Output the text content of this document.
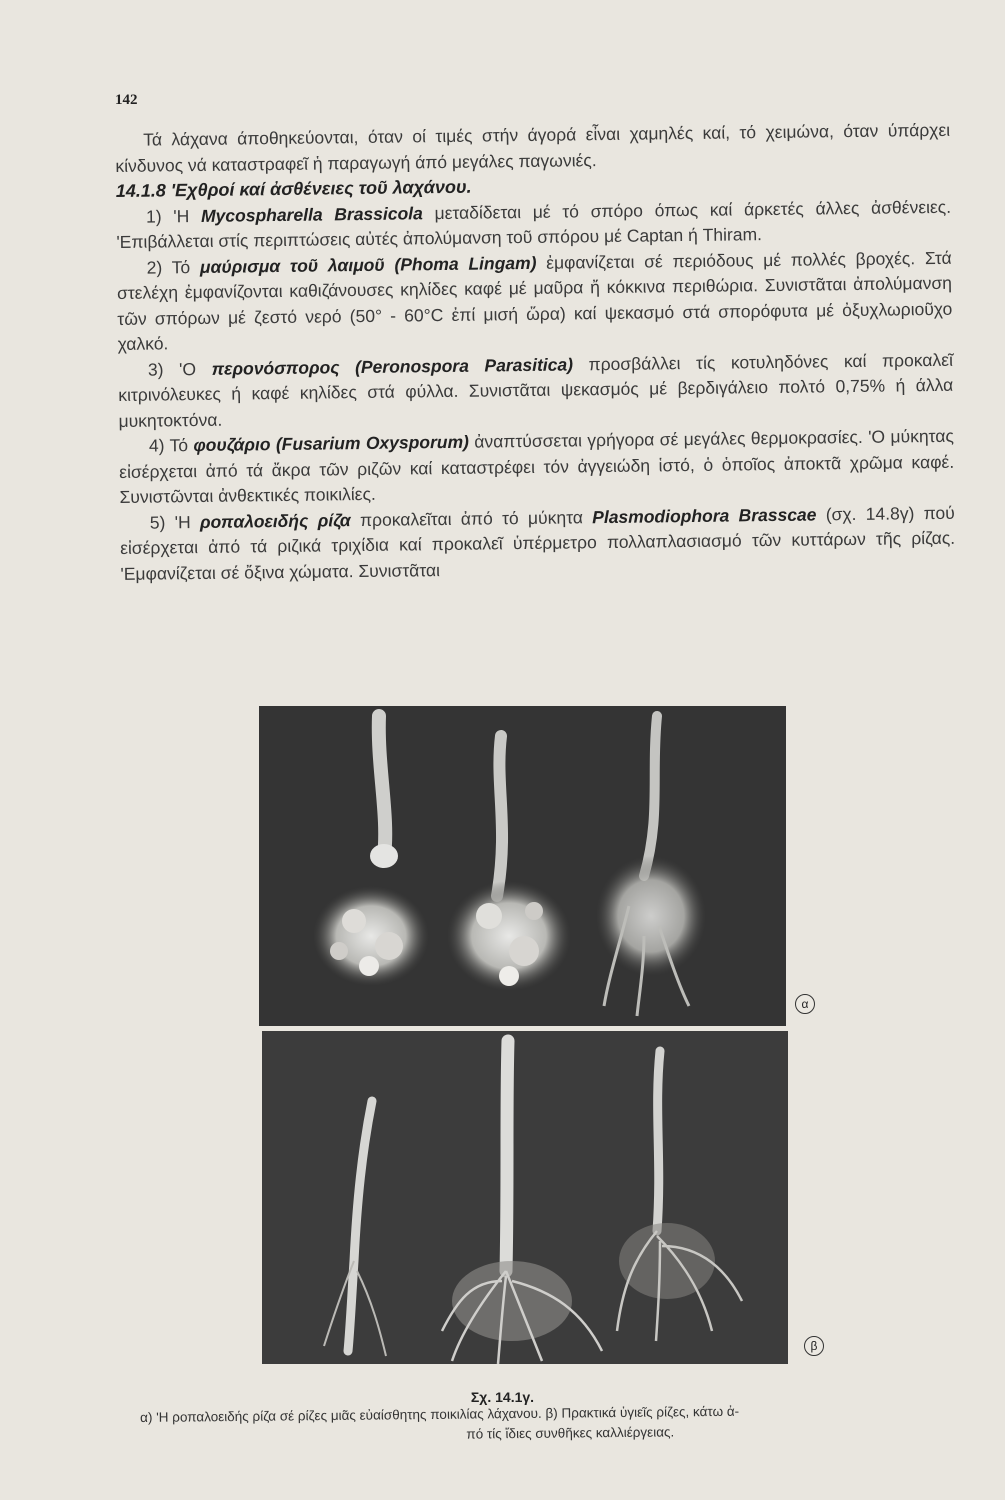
142

Τά λάχανα άποθηκεύονται, όταν οί τιμές στήν άγορά εἶναι χαμηλές καί, τό χειμώνα, όταν ύπάρχει κίνδυνος νά καταστραφεῖ ἡ παραγωγή άπό μεγάλες παγωνιές.

14.1.8 'Εχθροί καί ἀσθένειες τοῦ λαχάνου.

1) 'Η Mycospharella Brassicola μεταδίδεται μέ τό σπόρο όπως καί άρκετές άλλες ἀσθένειες. 'Επιβάλλεται στίς περιπτώσεις αὐτές ἀπολύμανση τοῦ σπόρου μέ Captan ή Thiram.

2) Τό μαύρισμα τοῦ λαιμοῦ (Phoma Lingam) ἐμφανίζεται σέ περιόδους μέ πολλές βροχές. Στά στελέχη ἐμφανίζονται καθιζάνουσες κηλίδες καφέ μέ μαῦρα ἤ κόκκινα περιθώρια. Συνιστᾶται ἀπολύμανση τῶν σπόρων μέ ζεστό νερό (50° - 60°C ἐπί μισή ὥρα) καί ψεκασμό στά σπορόφυτα μέ ὀξυχλωριοῦχο χαλκό.

3) 'Ο περονόσπορος (Peronospora Parasitica) προσβάλλει τίς κοτυληδόνες καί προκαλεῖ κιτρινόλευκες ή καφέ κηλίδες στά φύλλα. Συνιστᾶται ψεκασμός μέ βερδιγάλειο πολτό 0,75% ή άλλα μυκητοκτόνα.

4) Τό φουζάριο (Fusarium Oxysporum) ἀναπτύσσεται γρήγορα σέ μεγάλες θερμοκρασίες. 'Ο μύκητας εἰσέρχεται ἀπό τά ἄκρα τῶν ριζῶν καί καταστρέφει τόν ἀγγειώδη ἱστό, ὁ ὁποῖος ἀποκτᾶ χρῶμα καφέ. Συνιστῶνται ἀνθεκτικές ποικιλίες.

5) 'Η ροπαλοειδής ρίζα προκαλεῖται ἀπό τό μύκητα Plasmodiophora Brasscae (σχ. 14.8γ) πού εἰσέρχεται ἀπό τά ριζικά τριχίδια καί προκαλεῖ ὑπέρμετρο πολλαπλασιασμό τῶν κυττάρων τῆς ρίζας. 'Εμφανίζεται σέ ὄξινα χώματα. Συνιστᾶται

α
β
Σχ. 14.1γ.
α) 'Η ροπαλοειδής ρίζα σέ ρίζες μιᾶς εὐαίσθητης ποικιλίας λάχανου. β) Πρακτικά ὑγιεῖς ρίζες, κάτω ἀ-
πό τίς ἴδιες συνθῆκες καλλιέργειας.
